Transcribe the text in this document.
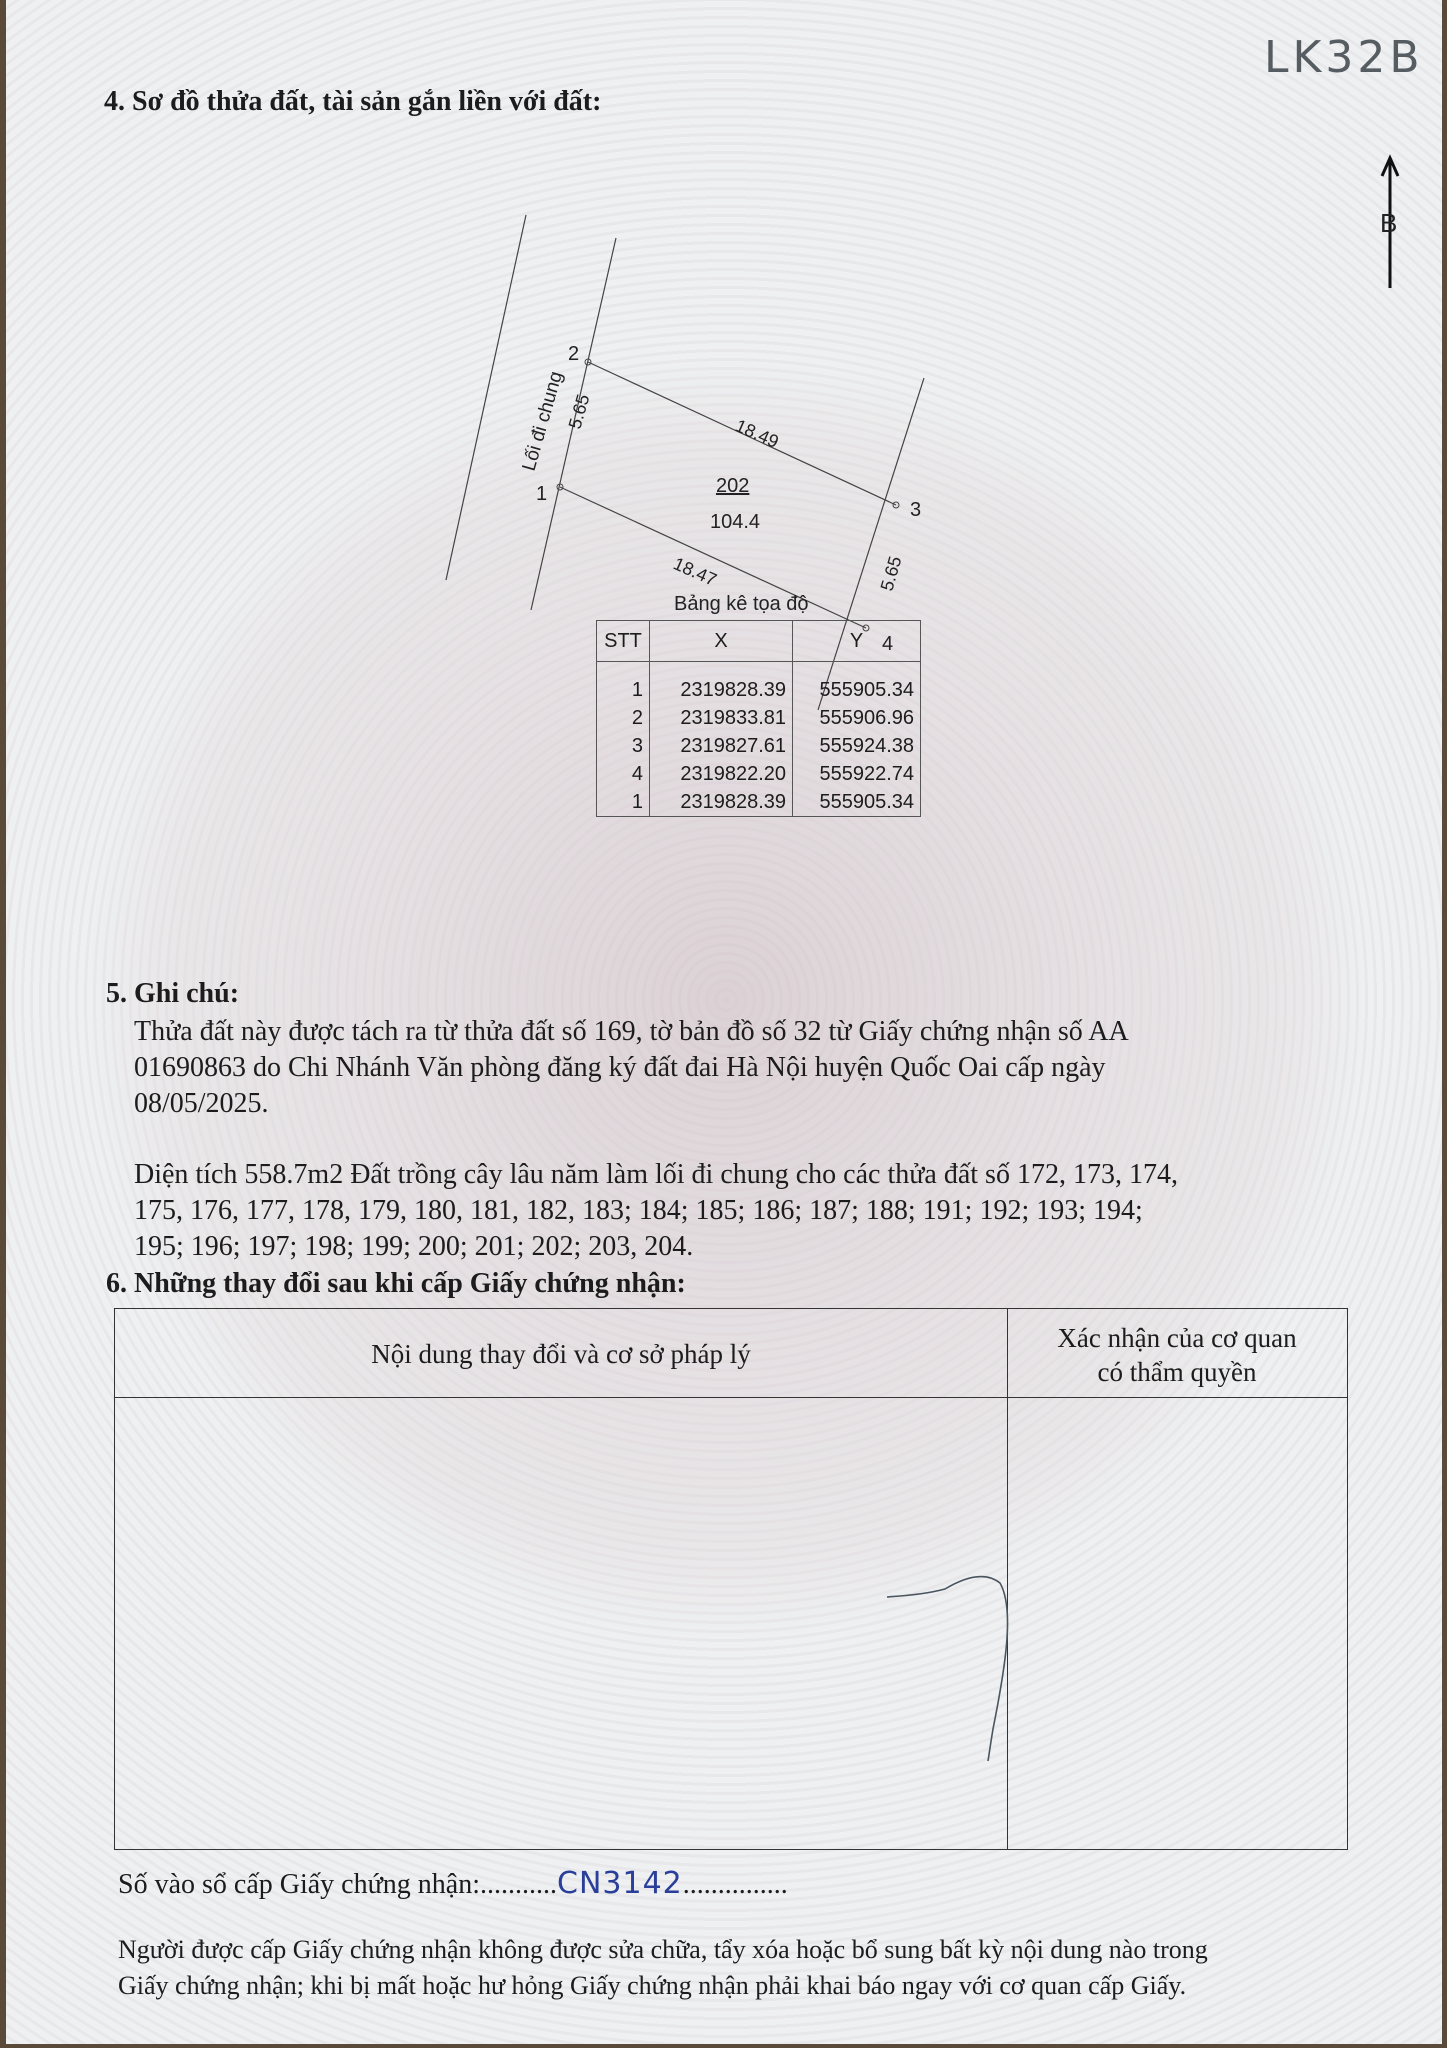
LK32B
B
4. Sơ đồ thửa đất, tài sản gắn liền với đất:
2
1
3
4
Lối đi chung
5.65
18.49
5.65
18.47
202
104.4
Bảng kê tọa độ
STT	X	Y
1	2319828.39	555905.34
2	2319833.81	555906.96
3	2319827.61	555924.38
4	2319822.20	555922.74
1	2319828.39	555905.34
5. Ghi chú:
Thửa đất này được tách ra từ thửa đất số 169, tờ bản đồ số 32 từ Giấy chứng nhận số AA
01690863 do Chi Nhánh Văn phòng đăng ký đất đai Hà Nội huyện Quốc Oai cấp ngày
08/05/2025.
Diện tích 558.7m2 Đất trồng cây lâu năm làm lối đi chung cho các thửa đất số 172, 173, 174,
175, 176, 177, 178, 179, 180, 181, 182, 183; 184; 185; 186; 187; 188; 191; 192; 193; 194;
195; 196; 197; 198; 199; 200; 201; 202; 203, 204.
6. Những thay đổi sau khi cấp Giấy chứng nhận:
Nội dung thay đổi và cơ sở pháp lý
Xác nhận của cơ quan
có thẩm quyền
Số vào sổ cấp Giấy chứng nhận:...........CN3142...............
Người được cấp Giấy chứng nhận không được sửa chữa, tẩy xóa hoặc bổ sung bất kỳ nội dung nào trong
Giấy chứng nhận; khi bị mất hoặc hư hỏng Giấy chứng nhận phải khai báo ngay với cơ quan cấp Giấy.
